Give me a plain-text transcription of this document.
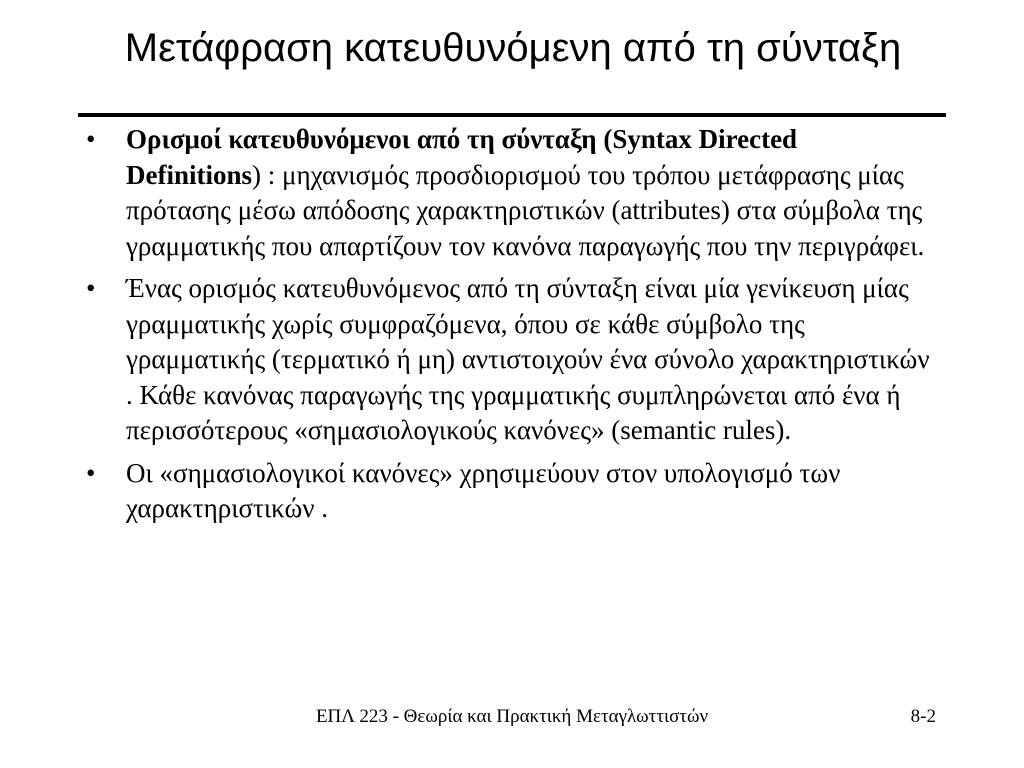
Μετάφραση κατευθυνόμενη από τη σύνταξη
•	Ορισμοί κατευθυνόμενοι από τη σύνταξη (Syntax Directed Definitions) : μηχανισμός προσδιορισμού του τρόπου μετάφρασης μίας πρότασης μέσω απόδοσης χαρακτηριστικών (attributes) στα σύμβολα της γραμματικής που απαρτίζουν τον κανόνα παραγωγής που την περιγράφει.
•	Ένας ορισμός κατευθυνόμενος από τη σύνταξη είναι μία γενίκευση μίας γραμματικής χωρίς συμφραζόμενα, όπου σε κάθε σύμβολο της γραμματικής (τερματικό ή μη) αντιστοιχούν ένα σύνολο χαρακτηριστικών . Κάθε κανόνας παραγωγής της γραμματικής συμπληρώνεται από ένα ή περισσότερους «σημασιολογικούς κανόνες» (semantic rules).
•	Οι «σημασιολογικοί κανόνες» χρησιμεύουν στον υπολογισμό των χαρακτηριστικών .
ΕΠΛ 223 - Θεωρία και Πρακτική Μεταγλωττιστών	8-2
